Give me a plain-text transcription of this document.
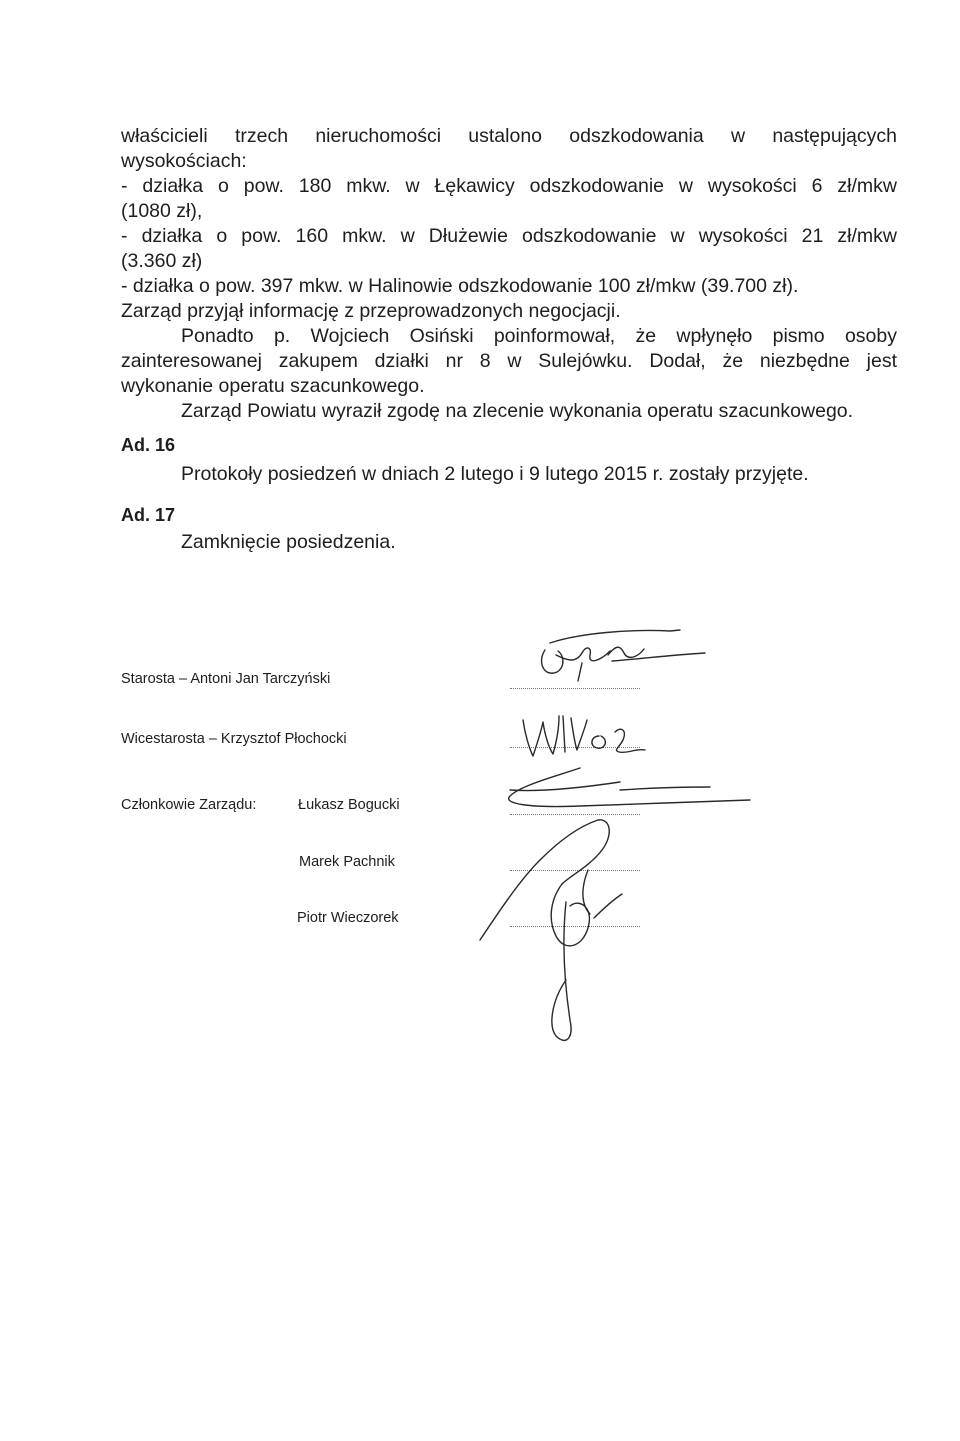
właścicieli trzech nieruchomości ustalono odszkodowania w następujących
wysokościach:
- działka o pow. 180 mkw. w Łękawicy odszkodowanie w wysokości 6 zł/mkw
(1080 zł),
- działka o pow. 160 mkw. w Dłużewie odszkodowanie w wysokości 21 zł/mkw
(3.360 zł)
- działka o pow. 397 mkw. w Halinowie odszkodowanie 100 zł/mkw (39.700 zł).
Zarząd przyjął informację z przeprowadzonych negocjacji.
Ponadto p. Wojciech Osiński poinformował, że wpłynęło pismo osoby
zainteresowanej zakupem działki nr 8 w Sulejówku. Dodał, że niezbędne jest
wykonanie operatu szacunkowego.
Zarząd Powiatu wyraził zgodę na zlecenie wykonania operatu szacunkowego.
Ad. 16
Protokoły posiedzeń w dniach 2 lutego i 9 lutego 2015 r. zostały przyjęte.
Ad. 17
Zamknięcie posiedzenia.
Starosta – Antoni Jan Tarczyński
Wicestarosta – Krzysztof Płochocki
Członkowie Zarządu:	Łukasz Bogucki
Marek Pachnik
Piotr Wieczorek
